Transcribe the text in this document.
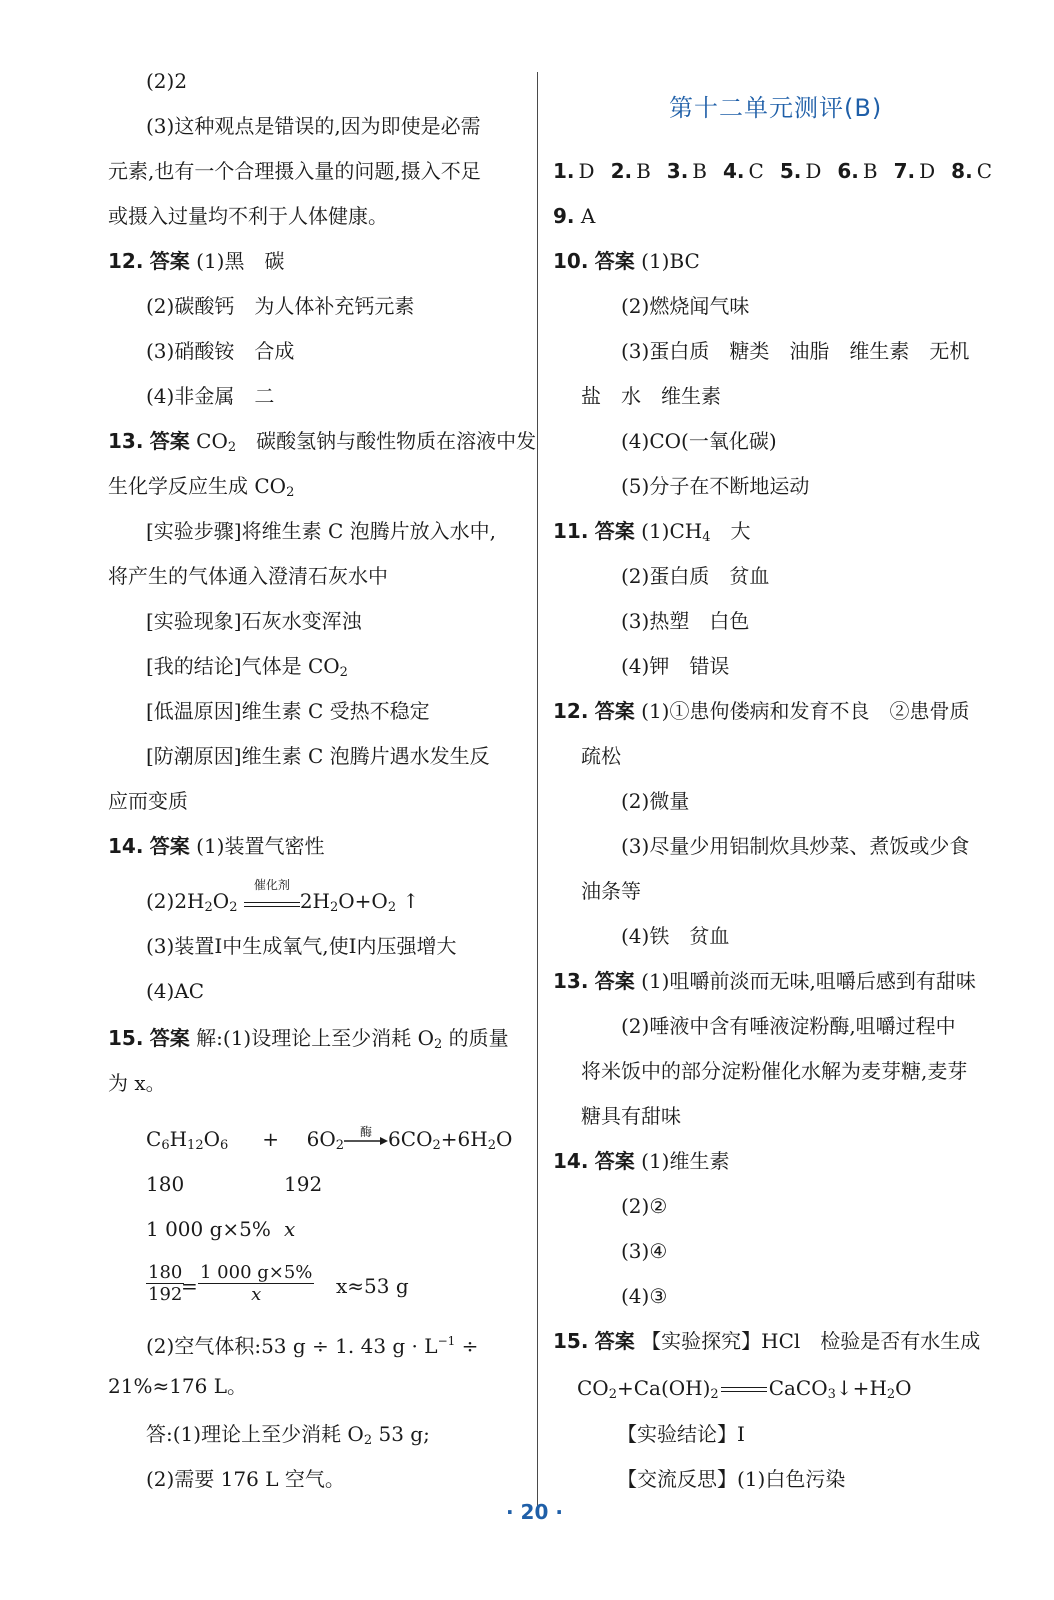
(2)2
(3)这种观点是错误的,因为即使是必需
元素,也有一个合理摄入量的问题,摄入不足
或摄入过量均不利于人体健康。
12. 答案 (1)黑　碳
(2)碳酸钙　为人体补充钙元素
(3)硝酸铵　合成
(4)非金属　二
13. 答案 $CO_2$　碳酸氢钠与酸性物质在溶液中发
生化学反应生成 $CO_2$
[实验步骤]将维生素 C 泡腾片放入水中,
将产生的气体通入澄清石灰水中
[实验现象]石灰水变浑浊
[我的结论]气体是 $CO_2$
[低温原因]维生素 C 受热不稳定
[防潮原因]维生素 C 泡腾片遇水发生反
应而变质
14. 答案 (1)装置气密性
$(2)2H_2O_2$
催化剂
$2H_2O+O_2$ ↑
(3)装置Ⅰ中生成氧气,使Ⅰ内压强增大
(4)AC
15. 答案 解:(1)设理论上至少消耗 $O_2$ 的质量
为 x。
$C_6H_{12}O_6 + 6O_2$
酶 $6CO_2+6H_2O$
180	192
1 000 g×5% x
$\frac{180}{192}$
= $\frac{1 000 g\times 5\%}{x} x\approx 53$ g
(2)空气体积:53 g ÷ 1. 43 $g \cdot L^{-1}$ ÷
21%≈176 L。
答:(1)理论上至少消耗 $O_2$ 53 g;
(2)需要 176 L 空气。
第十二单元测评(B)
1. D 2. B 3. B 4. C 5. D 6. B 7. D 8. C
9. A
10. 答案 (1)BC
(2)燃烧闻气味
(3)蛋白质　糖类　油脂　维生素　无机
盐　水　维生素
(4)CO(一氧化碳)
(5)分子在不断地运动
11. 答案 $(1)CH_4$　大
(2)蛋白质　贫血
(3)热塑　白色
(4)钾　错误
12. 答案 (1)①患佝偻病和发育不良　②患骨质
疏松
(2)微量
(3)尽量少用铝制炊具炒菜、煮饭或少食
油条等
(4)铁　贫血
13. 答案 (1)咀嚼前淡而无味,咀嚼后感到有甜味
(2)唾液中含有唾液淀粉酶,咀嚼过程中
将米饭中的部分淀粉催化水解为麦芽糖,麦芽
糖具有甜味
14. 答案 (1)维生素
(2)②
(3)④
(4)③
15. 答案 【实验探究】HCl　检验是否有水生成
$CO_2+Ca(OH)_2$	$CaCO_3↓+H_2O$
【实验结论】Ⅰ
【交流反思】(1)白色污染
· 20 ·
